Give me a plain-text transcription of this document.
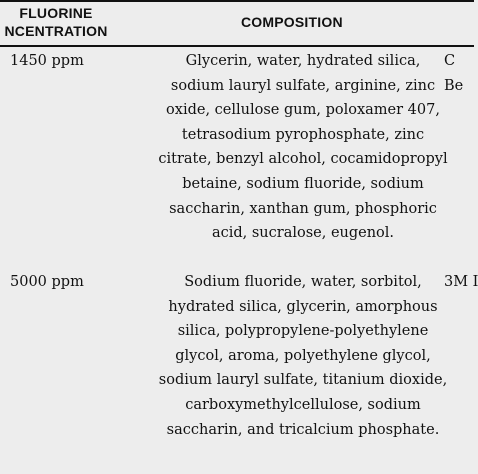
FLUORINE
NCENTRATION
COMPOSITION
1450 ppm	Glycerin, water, hydrated silica,
sodium lauryl sulfate, arginine, zinc
oxide, cellulose gum, poloxamer 407,
tetrasodium pyrophosphate, zinc
citrate, benzyl alcohol, cocamidopropyl
betaine, sodium fluoride, sodium
saccharin, xanthan gum, phosphoric
acid, sucralose, eugenol.
C
Be
5000 ppm	Sodium fluoride, water, sorbitol,
hydrated silica, glycerin, amorphous
silica, polypropylene-polyethylene
glycol, aroma, polyethylene glycol,
sodium lauryl sulfate, titanium dioxide,
carboxymethylcellulose, sodium
saccharin, and tricalcium phosphate.
3M I
